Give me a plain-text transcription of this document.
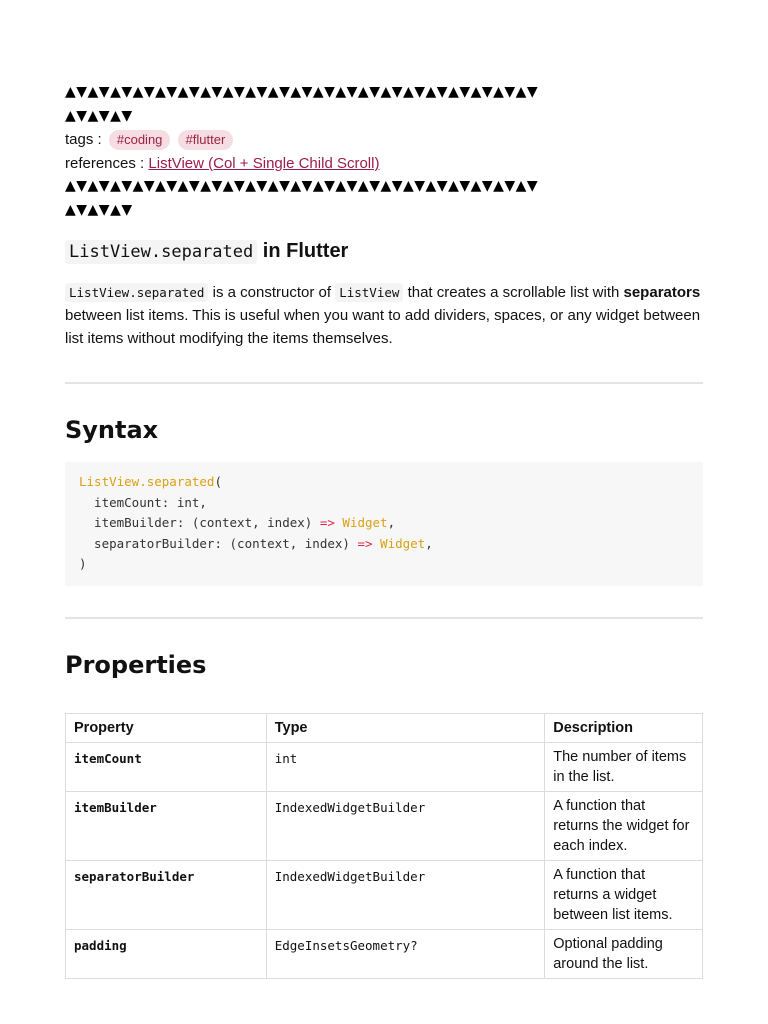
▲▼▲▼▲▼▲▼▲▼▲▼▲▼▲▼▲▼▲▼▲▼▲▼▲▼▲▼▲▼▲▼▲▼▲▼▲▼▲▼▲▼
▲▼▲▼▲▼
tags : #coding #flutter
references : ListView (Col + Single Child Scroll)
▲▼▲▼▲▼▲▼▲▼▲▼▲▼▲▼▲▼▲▼▲▼▲▼▲▼▲▼▲▼▲▼▲▼▲▼▲▼▲▼▲▼
▲▼▲▼▲▼
ListView.separated in Flutter
ListView.separated is a constructor of ListView that creates a scrollable list with separators between list items. This is useful when you want to add dividers, spaces, or any widget between list items without modifying the items themselves.
Syntax
ListView.separated(
itemCount: int,
itemBuilder: (context, index) => Widget,
separatorBuilder: (context, index) => Widget,
)
Properties
Property	Type	Description
itemCount	int	The number of items in the list.
itemBuilder	IndexedWidgetBuilder	A function that returns the widget for each index.
separatorBuilder	IndexedWidgetBuilder	A function that returns a widget between list items.
padding	EdgeInsetsGeometry?	Optional padding around the list.
